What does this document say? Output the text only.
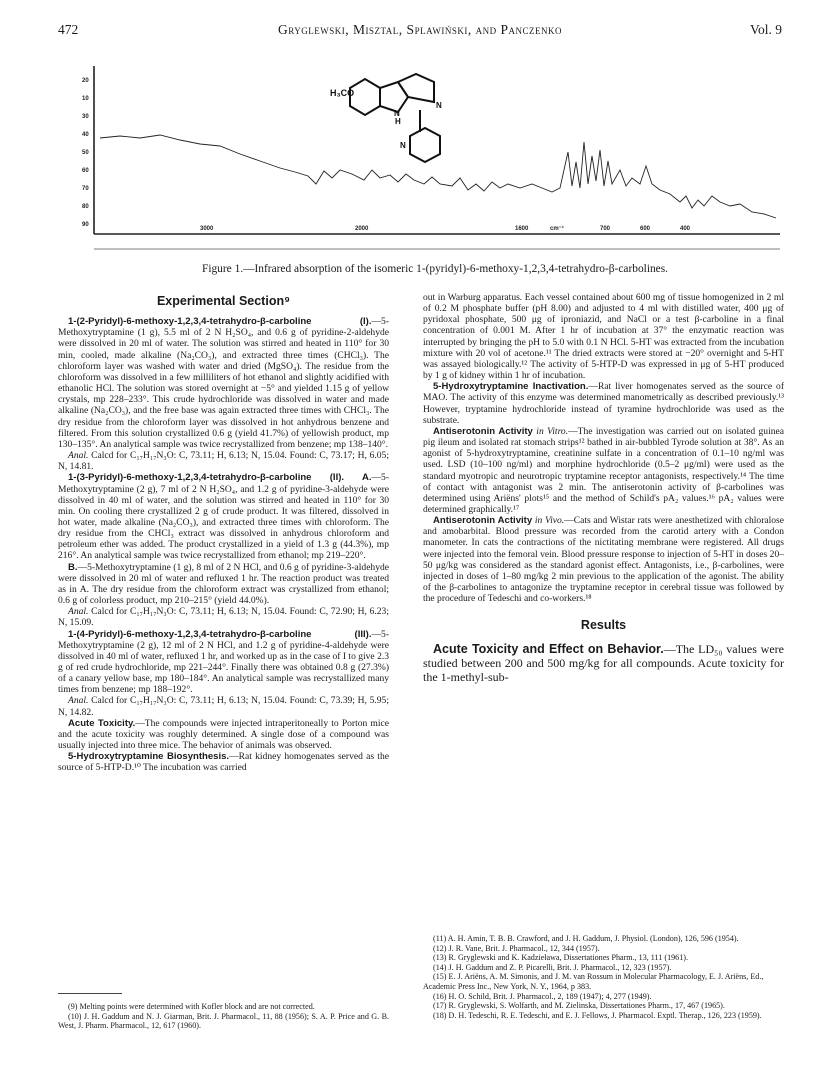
472	Gryglewski, Misztal, Splawiński, and Panczenko	Vol. 9
20
10
30
40
50
60
70
80
90
3000	2000	1600	cm⁻¹	700	600	400
H₃CO
H
N
N
N
Figure 1.—Infrared absorption of the isomeric 1-(pyridyl)-6-methoxy-1,2,3,4-tetrahydro-β-carbolines.
Experimental Section⁹

1-(2-Pyridyl)-6-methoxy-1,2,3,4-tetrahydro-β-carboline (I).—5-Methoxytryptamine (1 g), 5.5 ml of 2 N H₂SO₄, and 0.6 g of pyridine-2-aldehyde were dissolved in 20 ml of water. The solution was stirred and heated in 110° for 30 min, cooled, made alkaline (Na₂CO₃), and extracted three times (CHCl₃). The chloroform layer was washed with water and dried (MgSO₄). The residue from the chloroform was dissolved in a few milliliters of hot ethanol and slightly acidified with ethanolic HCl. The solution was stored overnight at −5° and yielded 1.15 g of yellow crystals, mp 228–233°. This crude hydrochloride was dissolved in water and made alkaline (Na₂CO₃), and the free base was again extracted three times with CHCl₃. The dry residue from the chloroform layer was dissolved in hot anhydrous benzene and filtered. From this solution crystallized 0.6 g (yield 41.7%) of yellowish product, mp 130–135°. An analytical sample was twice recrystallized from benzene; mp 138–140°.

Anal. Calcd for C₁₇H₁₇N₃O: C, 73.11; H, 6.13; N, 15.04. Found: C, 73.17; H, 6.05; N, 14.81.

1-(3-Pyridyl)-6-methoxy-1,2,3,4-tetrahydro-β-carboline (II). A.—5-Methoxytryptamine (2 g), 7 ml of 2 N H₂SO₄, and 1.2 g of pyridine-3-aldehyde were dissolved in 40 ml of water, and the solution was stirred and heated in 110° for 30 min. On cooling there crystallized 2 g of crude product. It was filtered, dissolved in hot water, made alkaline (Na₂CO₃), and extracted three times with chloroform. The dry residue from the CHCl₃ extract was dissolved in anhydrous chloroform and petroleum ether was added. The product crystallized in a yield of 1.3 g (44.3%), mp 216°. An analytical sample was twice recrystallized from ethanol; mp 219–220°.

B.—5-Methoxytryptamine (1 g), 8 ml of 2 N HCl, and 0.6 g of pyridine-3-aldehyde were dissolved in 20 ml of water and refluxed 1 hr. The reaction product was treated as in A. The dry residue from the chloroform extract was crystallized from ethanol; 0.6 g of colorless product, mp 210–215° (yield 44.0%).

Anal. Calcd for C₁₇H₁₇N₃O: C, 73.11; H, 6.13; N, 15.04. Found: C, 72.90; H, 6.23; N, 15.09.

1-(4-Pyridyl)-6-methoxy-1,2,3,4-tetrahydro-β-carboline (III).—5-Methoxytryptamine (2 g), 12 ml of 2 N HCl, and 1.2 g of pyridine-4-aldehyde were dissolved in 40 ml of water, refluxed 1 hr, and worked up as in the case of I to give 2.3 g of red crude hydrochloride, mp 221–244°. Finally there was obtained 0.8 g (27.3%) of a canary yellow base, mp 180–184°. An analytical sample was recrystallized many times from benzene; mp 188–192°.

Anal. Calcd for C₁₇H₁₇N₃O: C, 73.11; H, 6.13; N, 15.04. Found: C, 73.39; H, 5.95; N, 14.82.

Acute Toxicity.—The compounds were injected intraperitoneally to Porton mice and the acute toxicity was roughly determined. A single dose of a compound was usually injected into three mice. The behavior of animals was observed.

5-Hydroxytryptamine Biosynthesis.—Rat kidney homogenates served as the source of 5-HTP-D.¹⁰ The incubation was carried

(9) Melting points were determined with Kofler block and are not corrected.
(10) J. H. Gaddum and N. J. Giarman, Brit. J. Pharmacol., 11, 88 (1956); S. A. P. Price and G. B. West, J. Pharm. Pharmacol., 12, 617 (1960).

out in Warburg apparatus. Each vessel contained about 600 mg of tissue homogenized in 2 ml of 0.2 M phosphate buffer (pH 8.00) and adjusted to 4 ml with distilled water, 400 μg of pyridoxal phosphate, 500 μg of iproniazid, and NaCl or a test β-carboline in a final concentration of 0.001 M. After 1 hr of incubation at 37° the enzymatic reaction was interrupted by bringing the pH to 5.0 with 0.1 N HCl. 5-HT was extracted from the incubation mixture with 20 vol of acetone.¹¹ The dried extracts were stored at −20° overnight and 5-HT was assayed biologically.¹² The activity of 5-HTP-D was expressed in μg of 5-HT produced by 1 g of kidney within 1 hr of incubation.

5-Hydroxytryptamine Inactivation.—Rat liver homogenates served as the source of MAO. The activity of this enzyme was determined manometrically as described previously.¹³ However, tryptamine hydrochloride instead of tyramine hydrochloride was used as the substrate.

Antiserotonin Activity in Vitro.—The investigation was carried out on isolated guinea pig ileum and isolated rat stomach strips¹² bathed in air-bubbled Tyrode solution at 38°. As an agonist of 5-hydroxytryptamine, creatinine sulfate in a concentration of 0.1–10 ng/ml was used. LSD (10–100 ng/ml) and morphine hydrochloride (0.5–2 μg/ml) were used as the standard myotropic and neurotropic tryptamine receptor antagonists, respectively.¹⁴ The time of contact with antagonist was 2 min. The antiserotonin activity of β-carbolines was determined using Ariëns' plots¹⁵ and the method of Schild's pA₂ values.¹⁶ pA₂ values were determined graphically.¹⁷

Antiserotonin Activity in Vivo.—Cats and Wistar rats were anesthetized with chloralose and amobarbital. Blood pressure was recorded from the carotid artery with a Condon manometer. In cats the contractions of the nictitating membrane were registered. All drugs were injected into the femoral vein. Blood pressure response to injection of 5-HT in doses 20–50 μg/kg was considered as the standard agonist effect. Antagonists, i.e., β-carbolines, were injected in doses of 1–80 mg/kg 2 min previous to the application of the agonist. The ability of the β-carbolines to antagonize the tryptamine receptor in cerebral tissue was followed by the procedure of Tedeschi and co-workers.¹⁸

Results

Acute Toxicity and Effect on Behavior.—The LD₅₀ values were studied between 200 and 500 mg/kg for all compounds. Acute toxicity for the 1-methyl-sub-

(11) A. H. Amin, T. B. B. Crawford, and J. H. Gaddum, J. Physiol. (London), 126, 596 (1954).
(12) J. R. Vane, Brit. J. Pharmacol., 12, 344 (1957).
(13) R. Gryglewski and K. Kadzieława, Dissertationes Pharm., 13, 111 (1961).
(14) J. H. Gaddum and Z. P. Picarelli, Brit. J. Pharmacol., 12, 323 (1957).
(15) E. J. Ariëns, A. M. Simonis, and J. M. van Rossum in Molecular Pharmacology, E. J. Ariëns, Ed., Academic Press Inc., New York, N. Y., 1964, p 383.
(16) H. O. Schild, Brit. J. Pharmacol., 2, 189 (1947); 4, 277 (1949).
(17) R. Gryglewski, S. Wolfarth, and M. Zielinska, Dissertationes Pharm., 17, 467 (1965).
(18) D. H. Tedeschi, R. E. Tedeschi, and E. J. Fellows, J. Pharmacol. Exptl. Therap., 126, 223 (1959).
